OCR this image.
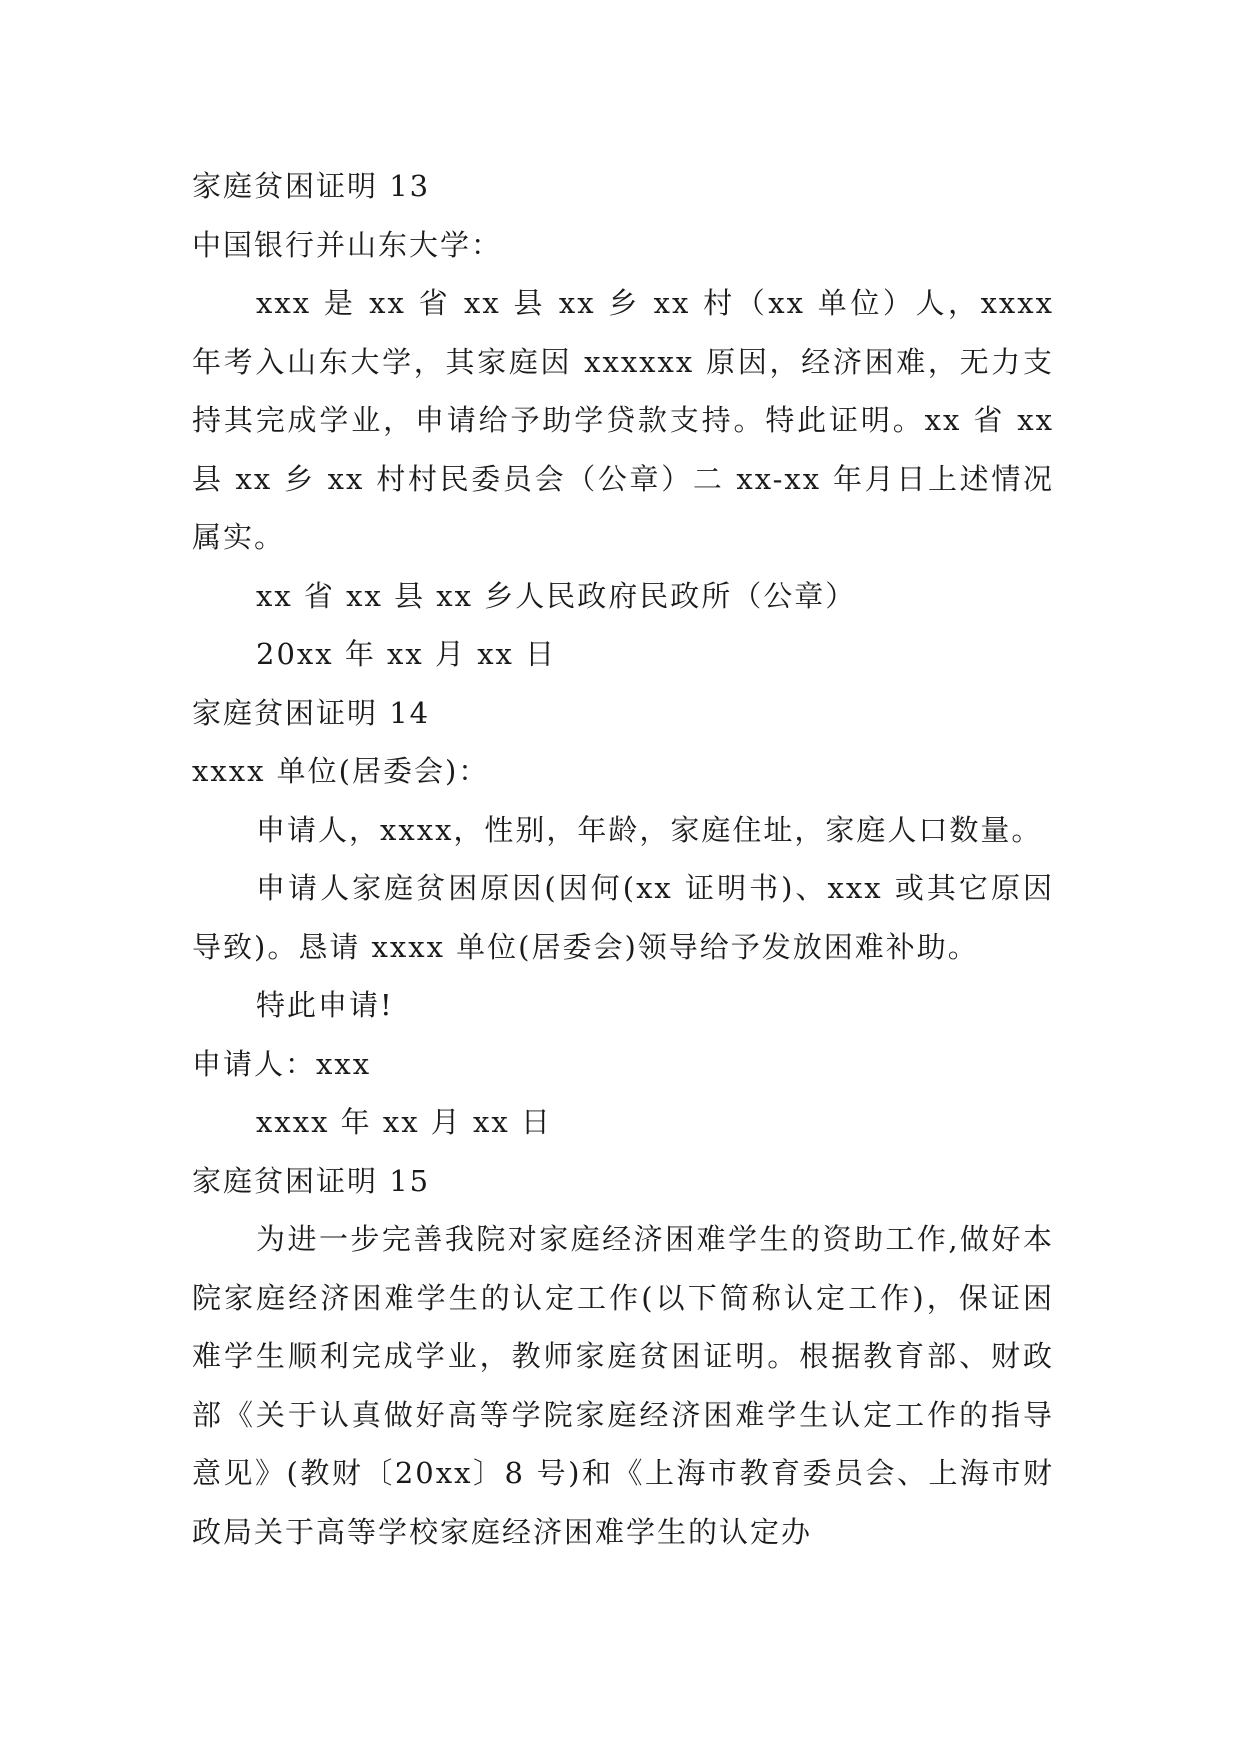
家庭贫困证明 13
中国银行并山东大学：
xxx 是 xx 省 xx 县 xx 乡 xx 村（xx 单位）人，xxxx 年考入山东大学，其家庭因 xxxxxx 原因，经济困难，无力支持其完成学业，申请给予助学贷款支持。特此证明。xx 省 xx 县 xx 乡 xx 村村民委员会（公章）二 xx-xx 年月日上述情况属实。
xx 省 xx 县 xx 乡人民政府民政所（公章）
20xx 年 xx 月 xx 日
家庭贫困证明 14
xxxx 单位(居委会)：
申请人，xxxx，性别，年龄，家庭住址，家庭人口数量。
申请人家庭贫困原因(因何(xx 证明书)、xxx 或其它原因导致)。恳请 xxxx 单位(居委会)领导给予发放困难补助。
特此申请!
申请人：xxx
xxxx 年 xx 月 xx 日
家庭贫困证明 15
为进一步完善我院对家庭经济困难学生的资助工作,做好本院家庭经济困难学生的认定工作(以下简称认定工作)，保证困难学生顺利完成学业，教师家庭贫困证明。根据教育部、财政部《关于认真做好高等学院家庭经济困难学生认定工作的指导意见》(教财〔20xx〕8 号)和《上海市教育委员会、上海市财政局关于高等学校家庭经济困难学生的认定办
